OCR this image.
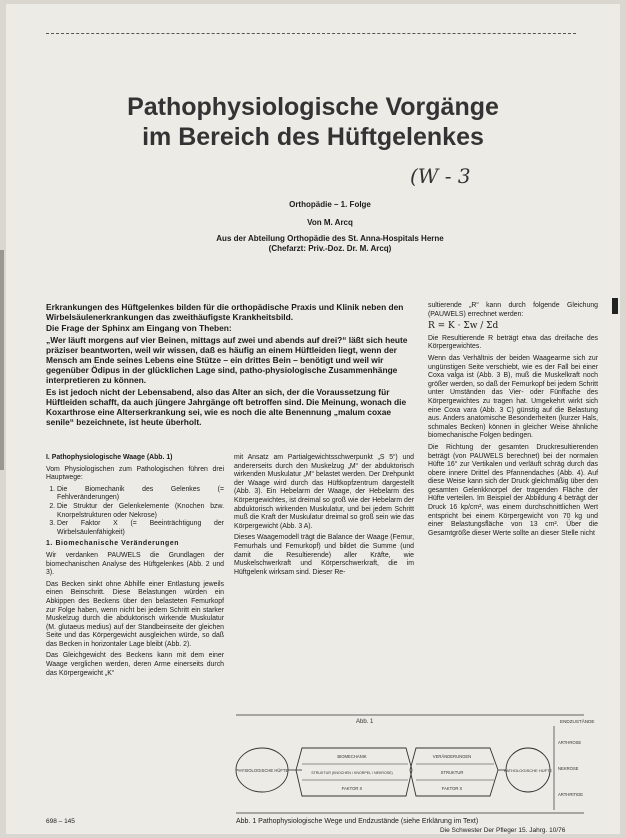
Pathophysiologische Vorgänge
im Bereich des Hüftgelenkes
(W - 3
Orthopädie – 1. Folge
Von M. Arcq
Aus der Abteilung Orthopädie des St. Anna-Hospitals Herne
(Chefarzt: Priv.-Doz. Dr. M. Arcq)

Erkrankungen des Hüftgelenkes bilden für die orthopädische Praxis und Klinik neben den Wirbelsäulenerkrankungen das zweithäufigste Krankheitsbild.

Die Frage der Sphinx am Eingang von Theben:

„Wer läuft morgens auf vier Beinen, mittags auf zwei und abends auf drei?“ läßt sich heute präziser beantworten, weil wir wissen, daß es häufig an einem Hüftleiden liegt, wenn der Mensch am Ende seines Lebens eine Stütze – ein drittes Bein – benötigt und weil wir gegenüber Ödipus in der glücklichen Lage sind, patho-physiologische Zusammenhänge interpretieren zu können.

Es ist jedoch nicht der Lebensabend, also das Alter an sich, der die Voraussetzung für Hüftleiden schafft, da auch jüngere Jahrgänge oft betroffen sind. Die Meinung, wonach die Koxarthrose eine Alterserkrankung sei, wie es noch die alte Benennung „malum coxae senile“ bezeichnete, ist heute überholt.

I. Pathophysiologische Waage (Abb. 1)

Vom Physiologischen zum Pathologischen führen drei Hauptwege:

1. Die Biomechanik des Gelenkes (= Fehlveränderungen)
2. Die Struktur der Gelenkelemente (Knochen bzw. Knorpelstrukturen oder Nekrose)
3. Der Faktor X (= Beeinträchtigung der Wirbelsäulenfähigkeit)

1. Biomechanische Veränderungen

Wir verdanken PAUWELS die Grundlagen der biomechanischen Analyse des Hüftgelenkes (Abb. 2 und 3).

Das Becken sinkt ohne Abhilfe einer Entlastung jeweils einen Beinschritt. Diese Belastungen würden ein Abkippen des Beckens über den belasteten Femurkopf zur Folge haben, wenn nicht bei jedem Schritt ein starker Muskelzug durch die abduktorisch wirkende Muskulatur (M. glutaeus medius) auf der Standbeinseite der gleichen Seite und das Körpergewicht ausgleichen würde, so daß das Becken in horizontaler Lage bleibt (Abb. 2).

Das Gleichgewicht des Beckens kann mit dem einer Waage verglichen werden, deren Arme einerseits durch das Körpergewicht „K“

mit Ansatz am Partialgewichtsschwerpunkt „S 5“) und andererseits durch den Muskelzug „M“ der abduktorisch wirkenden Muskulatur „M“ belastet werden. Der Drehpunkt der Waage wird durch das Hüftkopfzentrum dargestellt (Abb. 3). Ein Hebelarm der Waage, der Hebelarm des Körpergewichtes, ist dreimal so groß wie der Hebelarm der abduktorisch wirkenden Muskulatur, und bei jedem Schritt muß die Kraft der Muskulatur dreimal so groß sein wie das Körpergewicht (Abb. 3 A).

Dieses Waagemodell trägt die Balance der Waage (Femur, Femurhals und Femurkopf) und bildet die Summe (und damit die Resultierende) aller Kräfte, wie Muskelschwerkraft und Körperschwerkraft, die im Hüftgelenk wirksam sind. Dieser Re-

sultierende „R“ kann durch folgende Gleichung (PAUWELS) errechnet werden:

R = K · Σw / Σd

Die Resultierende R beträgt etwa das dreifache des Körpergewichtes.

Wenn das Verhältnis der beiden Waagearme sich zur ungünstigen Seite verschiebt, wie es der Fall bei einer Coxa valga ist (Abb. 3 B), muß die Muskelkraft noch größer werden, so daß der Femurkopf bei jedem Schritt unter Umständen das Vier- oder Fünffache des Körpergewichtes zu tragen hat. Umgekehrt wirkt sich eine Coxa vara (Abb. 3 C) günstig auf die Belastung aus. Anders anatomische Besonderheiten (kurzer Hals, schmales Becken) können in gleicher Weise ähnliche biomechanische Folgen bedingen.

Die Richtung der gesamten Druckresultierenden beträgt (von PAUWELS berechnet) bei der normalen Hüfte 16° zur Vertikalen und verläuft schräg durch das obere innere Drittel des Pfannendaches (Abb. 4). Auf diese Weise kann sich der Druck gleichmäßig über den gesamten Gelenkknorpel der tragenden Fläche der Hüfte verteilen. Im Beispiel der Abbildung 4 beträgt der Druck 16 kp/cm², was einem durchschnittlichen Wert entspricht bei einem Körpergewicht von 70 kg und einer Belastungsfläche von 13 cm². Über die Gesamtgröße dieser Werte sollte an dieser Stelle nicht

Abb. 1
PHYSIOLOGISCHE HÜFTE
BIOMECHANIK
STRUKTUR (KNOCHEN / KNORPEL / NEKROSE)
FAKTOR X
VERÄNDERUNGEN
STRUKTUR
FAKTOR X
PATHOLOGISCHE HÜFTE
ENDZUSTÄNDE
ARTHROSE
NEKROSE
ARTHRITIDE
Abb. 1 Pathophysiologische Wege und Endzustände (siehe Erklärung im Text)
698 – 145
Die Schwester Der Pfleger 15. Jahrg. 10/76
